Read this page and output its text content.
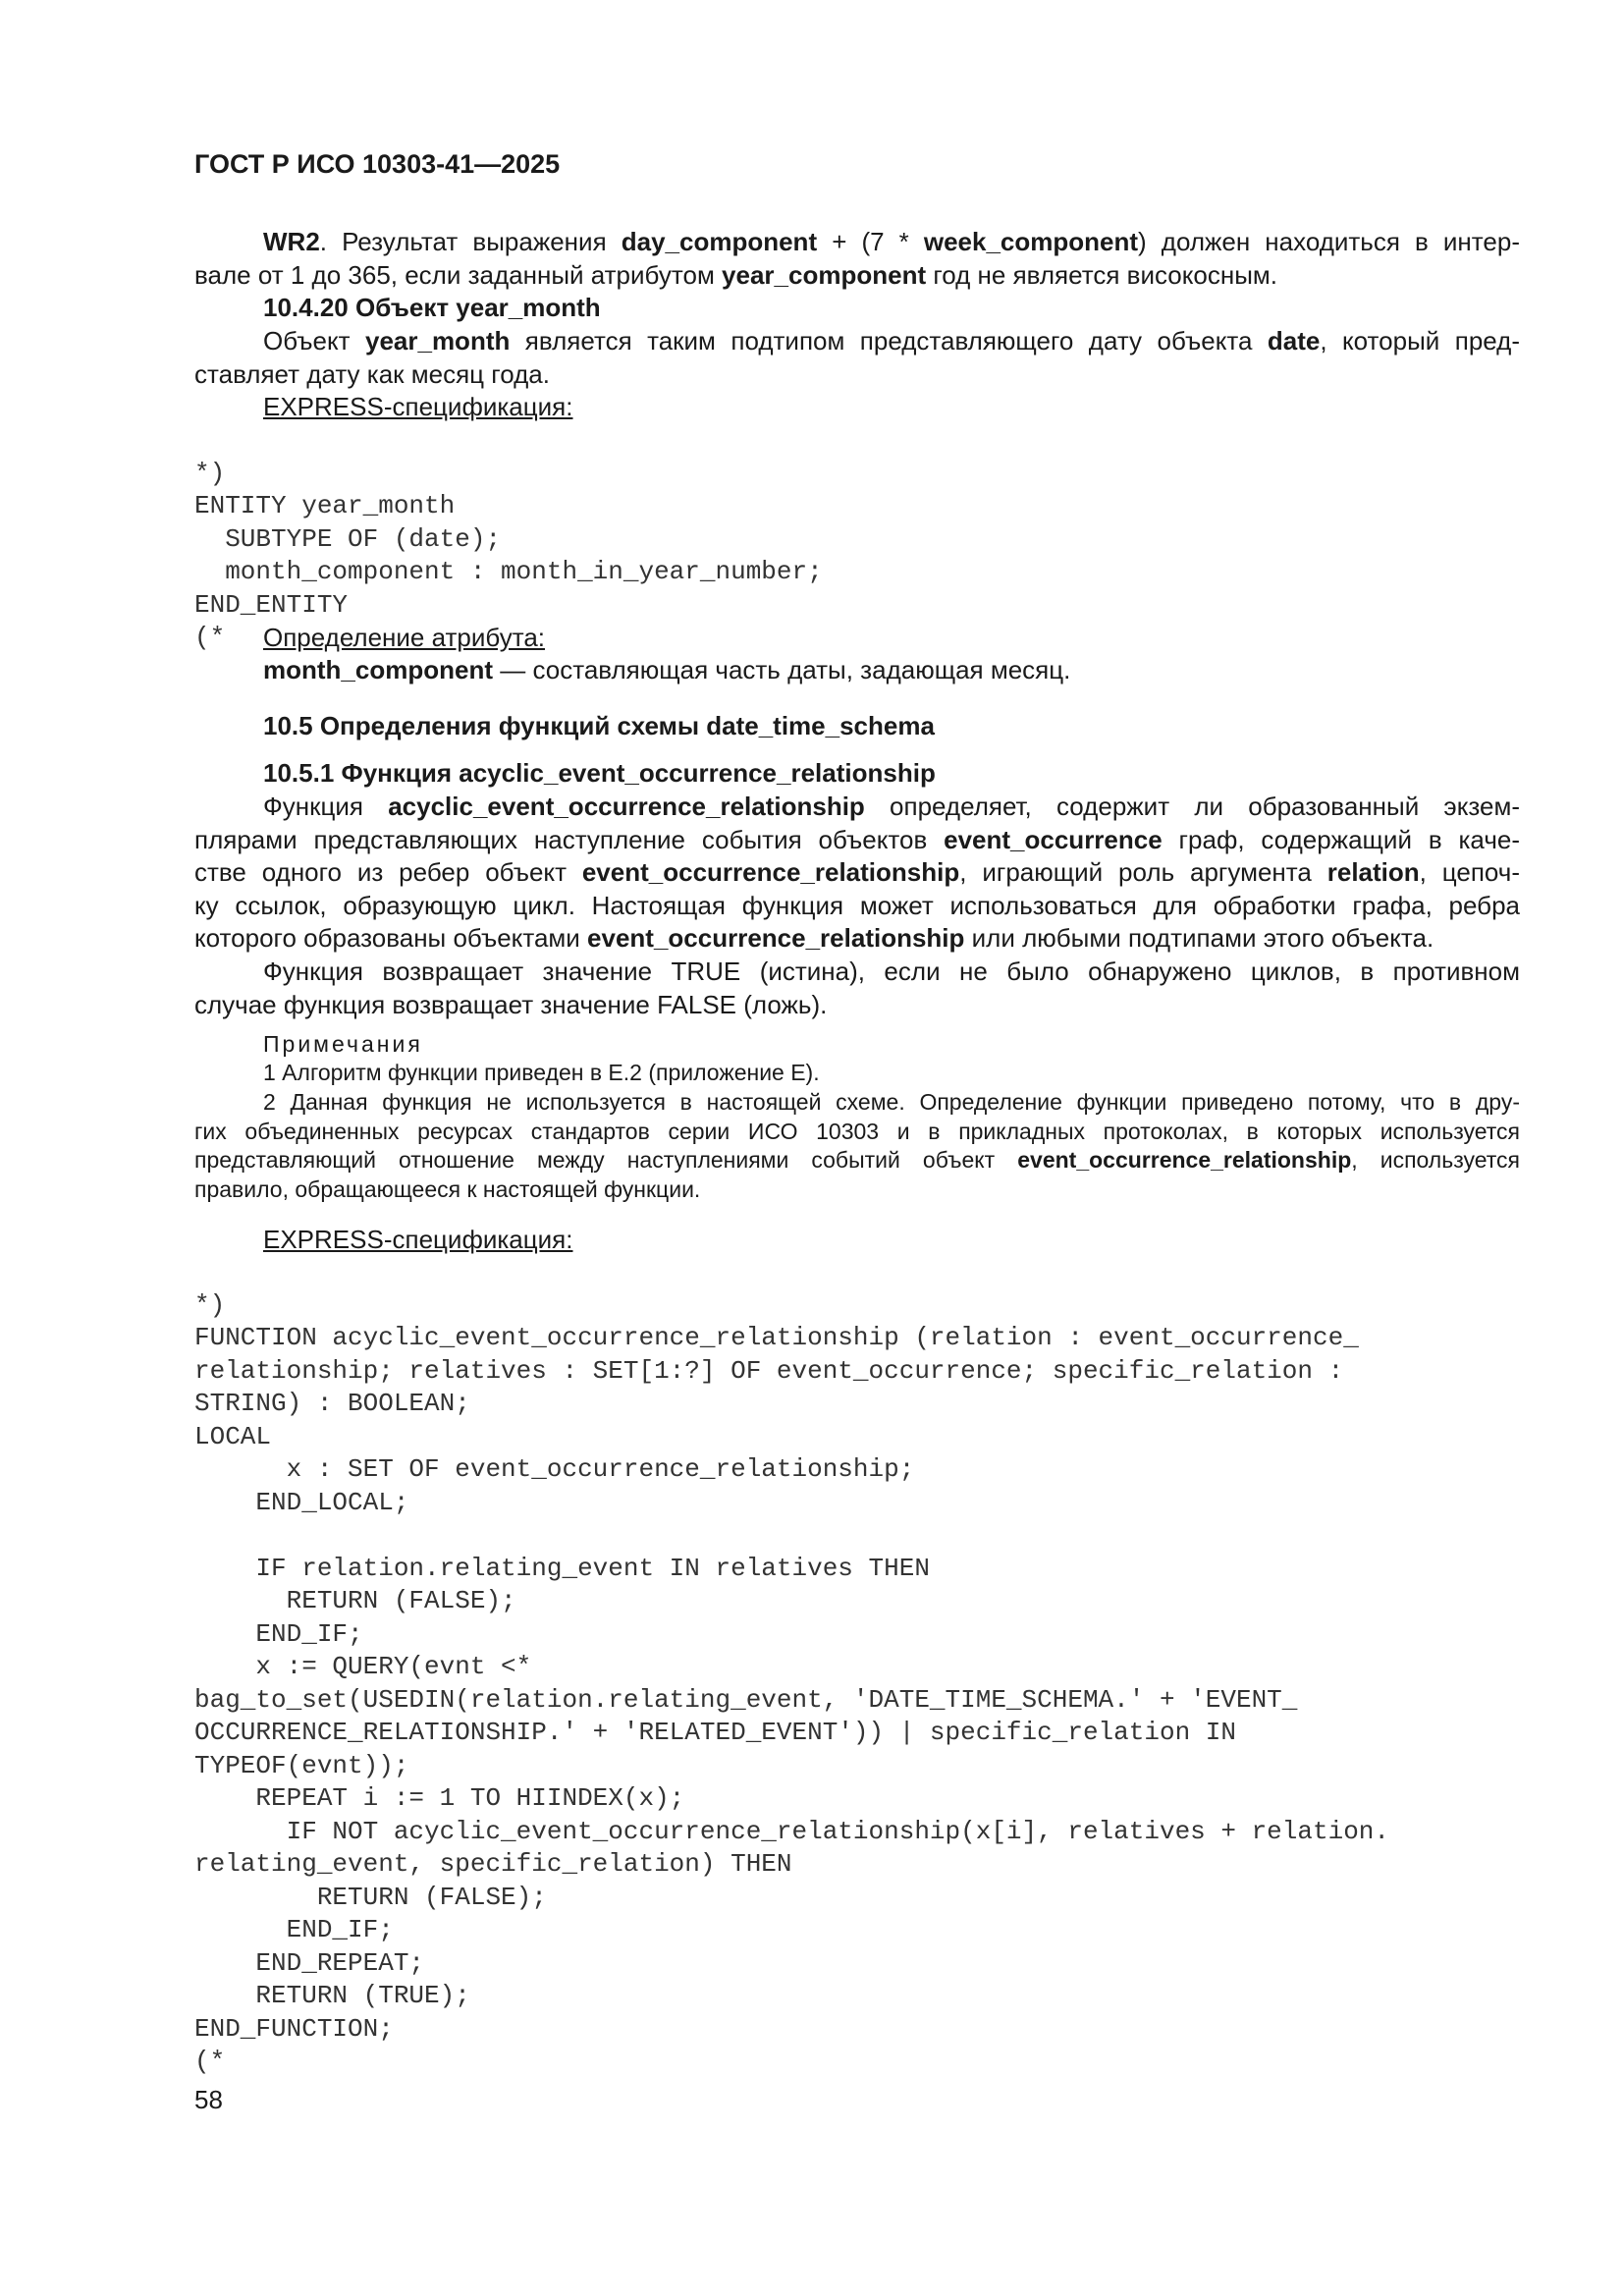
ГОСТ Р ИСО 10303-41—2025
WR2. Результат выражения day_component + (7 * week_component) должен находиться в интер-
вале от 1 до 365, если заданный атрибутом year_component год не является високосным.
10.4.20 Объект year_month
Объект year_month является таким подтипом представляющего дату объекта date, который пред-
ставляет дату как месяц года.
EXPRESS-спецификация:

*)
ENTITY year_month
SUBTYPE OF (date);
month_component : month_in_year_number;
END_ENTITY
(*	Определение атрибута:
month_component — составляющая часть даты, задающая месяц.
10.5 Определения функций схемы date_time_schema
10.5.1 Функция acyclic_event_occurrence_relationship
Функция acyclic_event_occurrence_relationship определяет, содержит ли образованный экзем-
плярами представляющих наступление события объектов event_occurrence граф, содержащий в каче-
стве одного из ребер объект event_occurrence_relationship, играющий роль аргумента relation, цепоч-
ку ссылок, образующую цикл. Настоящая функция может использоваться для обработки графа, ребра
которого образованы объектами event_occurrence_relationship или любыми подтипами этого объекта.
Функция возвращает значение TRUE (истина), если не было обнаружено циклов, в противном
случае функция возвращает значение FALSE (ложь).
Примечания
1 Алгоритм функции приведен в Е.2 (приложение Е).
2 Данная функция не используется в настоящей схеме. Определение функции приведено потому, что в дру-
гих объединенных ресурсах стандартов серии ИСО 10303 и в прикладных протоколах, в которых используется
представляющий отношение между наступлениями событий объект event_occurrence_relationship, используется
правило, обращающееся к настоящей функции.
EXPRESS-спецификация:

*)
FUNCTION acyclic_event_occurrence_relationship (relation : event_occurrence_
relationship; relatives : SET[1:?] OF event_occurrence; specific_relation :
STRING) : BOOLEAN;
LOCAL
x : SET OF event_occurrence_relationship;
END_LOCAL;
IF relation.relating_event IN relatives THEN
RETURN (FALSE);
END_IF;
x := QUERY(evnt <*
bag_to_set(USEDIN(relation.relating_event, 'DATE_TIME_SCHEMA.' + 'EVENT_
OCCURRENCE_RELATIONSHIP.' + 'RELATED_EVENT')) | specific_relation IN
TYPEOF(evnt));
REPEAT i := 1 TO HIINDEX(x);
IF NOT acyclic_event_occurrence_relationship(x[i], relatives + relation.
relating_event, specific_relation) THEN
RETURN (FALSE);
END_IF;
END_REPEAT;
RETURN (TRUE);
END_FUNCTION;
(*

58
